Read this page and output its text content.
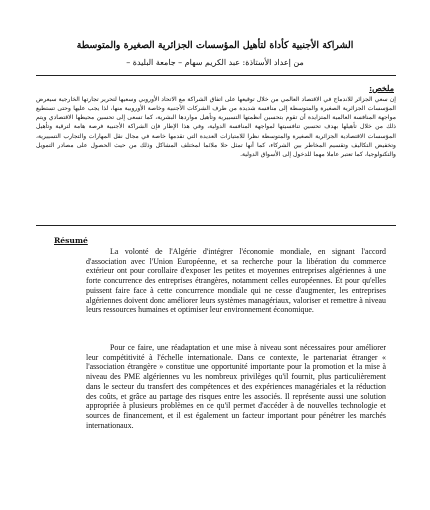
الشراكة الأجنبية كأداة لتأهيل المؤسسات الجزائرية الصغيرة والمتوسطة
من إعداد الأستاذة: عبد الكريم سهام – جامعة البليدة –
ملخص:
إن سعي الجزائر للاندماج في الاقتصاد العالمي من خلال توقيعها على اتفاق الشراكة مع الاتحاد الأوروبي وسعيها لتحرير تجارتها الخارجية سيعرض المؤسسات الجزائرية الصغيرة والمتوسطة إلى منافسة شديدة من طرف الشركات الأجنبية وخاصة الأوروبية منها، لذا يجب عليها وحتى تستطيع مواجهة المنافسة العالمية المتزايدة أن تقوم بتحسين أنظمتها التسييرية وتأهيل مواردها البشرية، كما تسعى إلى تحسين محيطها الاقتصادي ويتم ذلك من خلال تأهيلها بهدف تحسين تنافسيتها لمواجهة المنافسة الدولية، وفي هذا الإطار فإن الشراكة الأجنبية فرصة هامة لترقية وتأهيل المؤسسات الاقتصادية الجزائرية الصغيرة والمتوسطة نظرا للامتيازات العديدة التي تقدمها خاصة في مجال نقل المهارات والتجارب التسييرية، وتخفيض التكاليف وتقسيم المخاطر بين الشركاء، كما أنها تمثل حلا ملائما لمختلف المشاكل وذلك من حيث الحصول على مصادر التمويل والتكنولوجيا، كما تعتبر عاملا مهما للدخول إلى الأسواق الدولية.
Résumé
La volonté de l'Algérie d'intégrer l'économie mondiale, en signant l'accord d'association avec l'Union Européenne, et sa recherche pour la libération du commerce extérieur ont pour corollaire d'exposer les petites et moyennes entreprises algériennes à une forte concurrence des entreprises étrangères, notamment celles européennes. Et pour qu'elles puissent faire face à cette concurrence mondiale qui ne cesse d'augmenter, les entreprises algériennes doivent donc améliorer leurs systèmes managériaux, valoriser et remettre à niveau leurs ressources humaines et optimiser leur environnement économique.
Pour ce faire, une réadaptation et une mise à niveau sont nécessaires pour améliorer leur compétitivité à l'échelle internationale. Dans ce contexte, le partenariat étranger « l'association étrangère » constitue une opportunité importante pour la promotion et la mise à niveau des PME algériennes vu les nombreux privilèges qu'il fournit, plus particulièrement dans le secteur du transfert des compétences et des expériences managériales et la réduction des coûts, et grâce au partage des risques entre les associés. Il représente aussi une solution appropriée à plusieurs problèmes en ce qu'il permet d'accéder à de nouvelles technologie et sources de financement, et il est également un facteur important pour pénétrer les marchés internationaux.
